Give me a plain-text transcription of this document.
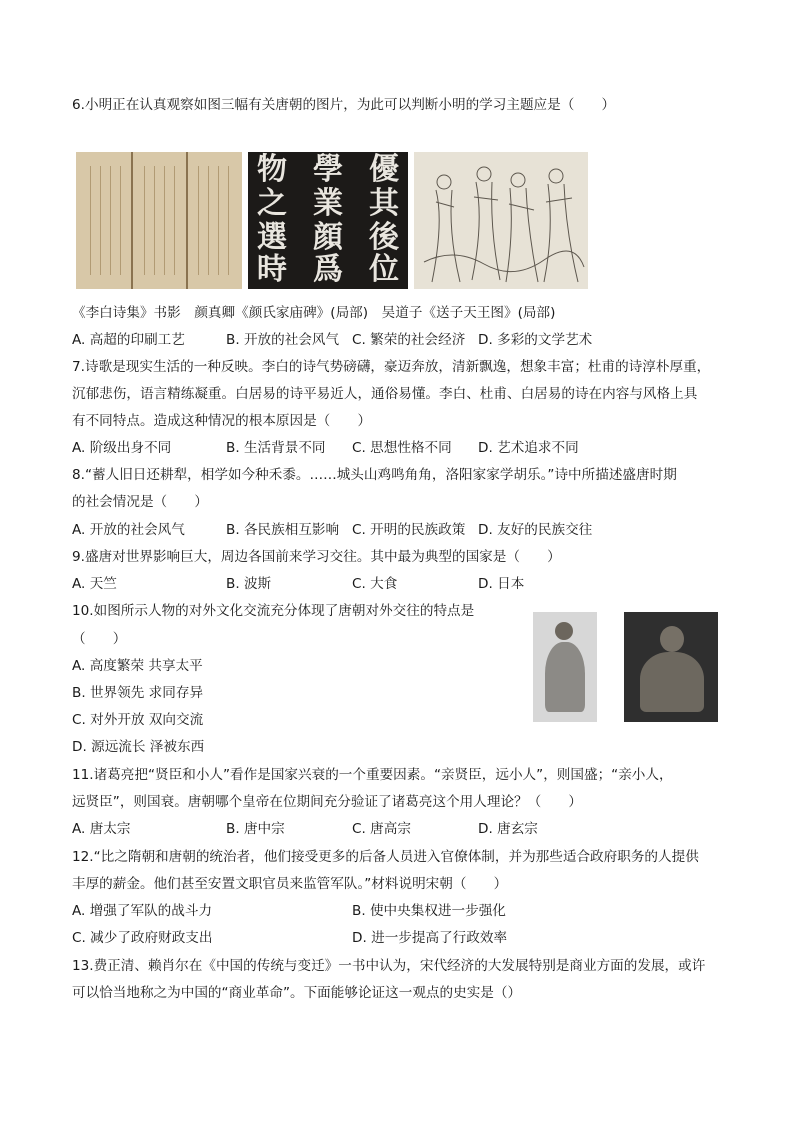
6.小明正在认真观察如图三幅有关唐朝的图片，为此可以判断小明的学习主题应是（　　）
物 學 優
之 業 其
選 顔 後
時 爲 位
《李白诗集》书影　颜真卿《颜氏家庙碑》(局部)　吴道子《送子天王图》(局部)
A. 高超的印刷工艺	B. 开放的社会风气 C. 繁荣的社会经济 D. 多彩的文学艺术
7.诗歌是现实生活的一种反映。李白的诗气势磅礴，豪迈奔放，清新飘逸，想象丰富；杜甫的诗淳朴厚重，
沉郁悲伤，语言精练凝重。白居易的诗平易近人，通俗易懂。李白、杜甫、白居易的诗在内容与风格上具
有不同特点。造成这种情况的根本原因是（　　）
A. 阶级出身不同	B. 生活背景不同 C. 思想性格不同 D. 艺术追求不同
8.“蓄人旧日还耕犁，相学如今种禾黍。……城头山鸡鸣角角，洛阳家家学胡乐。”诗中所描述盛唐时期
的社会情况是（　　）
A. 开放的社会风气	B. 各民族相互影响 C. 开明的民族政策 D. 友好的民族交往
9.盛唐对世界影响巨大，周边各国前来学习交往。其中最为典型的国家是（　　）
A. 天竺	B. 波斯	C. 大食	D. 日本
10.如图所示人物的对外文化交流充分体现了唐朝对外交往的特点是
（　　）
A. 高度繁荣 共享太平
B. 世界领先 求同存异
C. 对外开放 双向交流
D. 源远流长 泽被东西
11.诸葛亮把“贤臣和小人”看作是国家兴衰的一个重要因素。“亲贤臣，远小人”，则国盛；“亲小人，
远贤臣”，则国衰。唐朝哪个皇帝在位期间充分验证了诸葛亮这个用人理论？（　　）
A. 唐太宗	B. 唐中宗	C. 唐高宗	D. 唐玄宗
12.“比之隋朝和唐朝的统治者，他们接受更多的后备人员进入官僚体制，并为那些适合政府职务的人提供
丰厚的薪金。他们甚至安置文职官员来监管军队。”材料说明宋朝（　　）
A. 增强了军队的战斗力	B. 使中央集权进一步强化
C. 减少了政府财政支出	D. 进一步提高了行政效率
13.费正清、赖肖尔在《中国的传统与变迁》一书中认为，宋代经济的大发展特别是商业方面的发展，或许
可以恰当地称之为中国的“商业革命”。下面能够论证这一观点的史实是（）
